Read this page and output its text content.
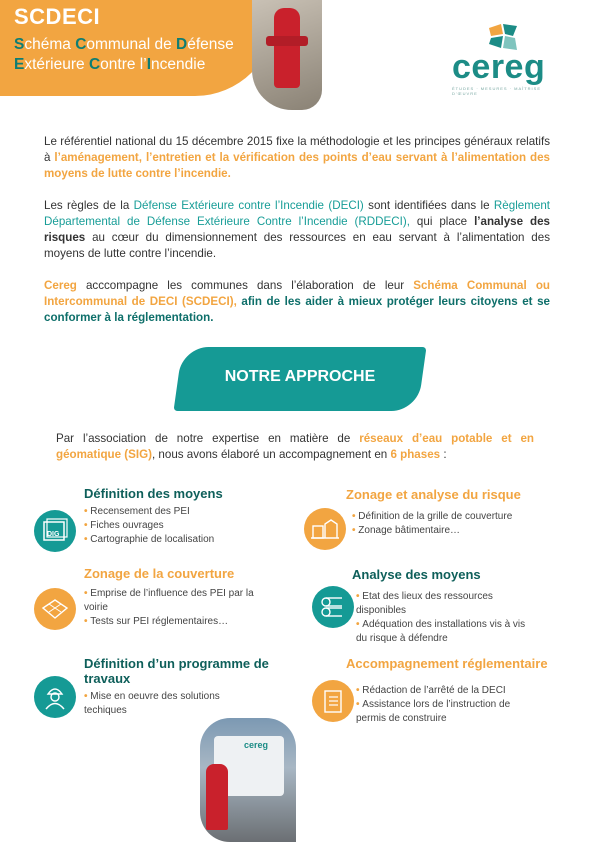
SCDECI
Schéma Communal de Défense
Extérieure Contre l’Incendie	cereg
ÉTUDES · MESURES · MAÎTRISE D'ŒUVRE
Le référentiel national du 15 décembre 2015 fixe la méthodologie et les principes généraux relatifs à l’aménagement, l’entretien et la vérification des points d’eau servant à l’alimentation des moyens de lutte contre l’incendie.
Les règles de la Défense Extérieure contre l’Incendie (DECI) sont identifiées dans le Règlement Départemental de Défense Extérieure Contre l’Incendie (RDDECI), qui place l’analyse des risques au cœur du dimensionnement des ressources en eau servant à l’alimentation des moyens de lutte contre l’incendie.
Cereg acccompagne les communes dans l’élaboration de leur Schéma Communal ou Intercommunal de DECI (SCDECI), afin de les aider à mieux protéger leurs citoyens et se conformer à la réglementation.
NOTRE APPROCHE
Par l’association de notre expertise en matière de réseaux d’eau potable et en géomatique (SIG), nous avons élaboré un accompagnement en 6 phases :
DIG
Définition des moyens
• Recensement des PEI
• Fiches ouvrages
• Cartographie de localisation
Zonage et analyse du risque
• Définition de la grille de couverture
• Zonage bâtimentaire…
Zonage de la couverture
• Emprise de l’influence des PEI par la voirie
• Tests sur PEI réglementaires…
Analyse des moyens
• Etat des lieux des ressources disponibles
• Adéquation des installations vis à vis du risque à défendre
Définition d’un programme de travaux
• Mise en oeuvre des solutions techiques
Accompagnement réglementaire
• Rédaction de l’arrêté de la DECI
• Assistance lors de l’instruction de permis de construire
cereg
